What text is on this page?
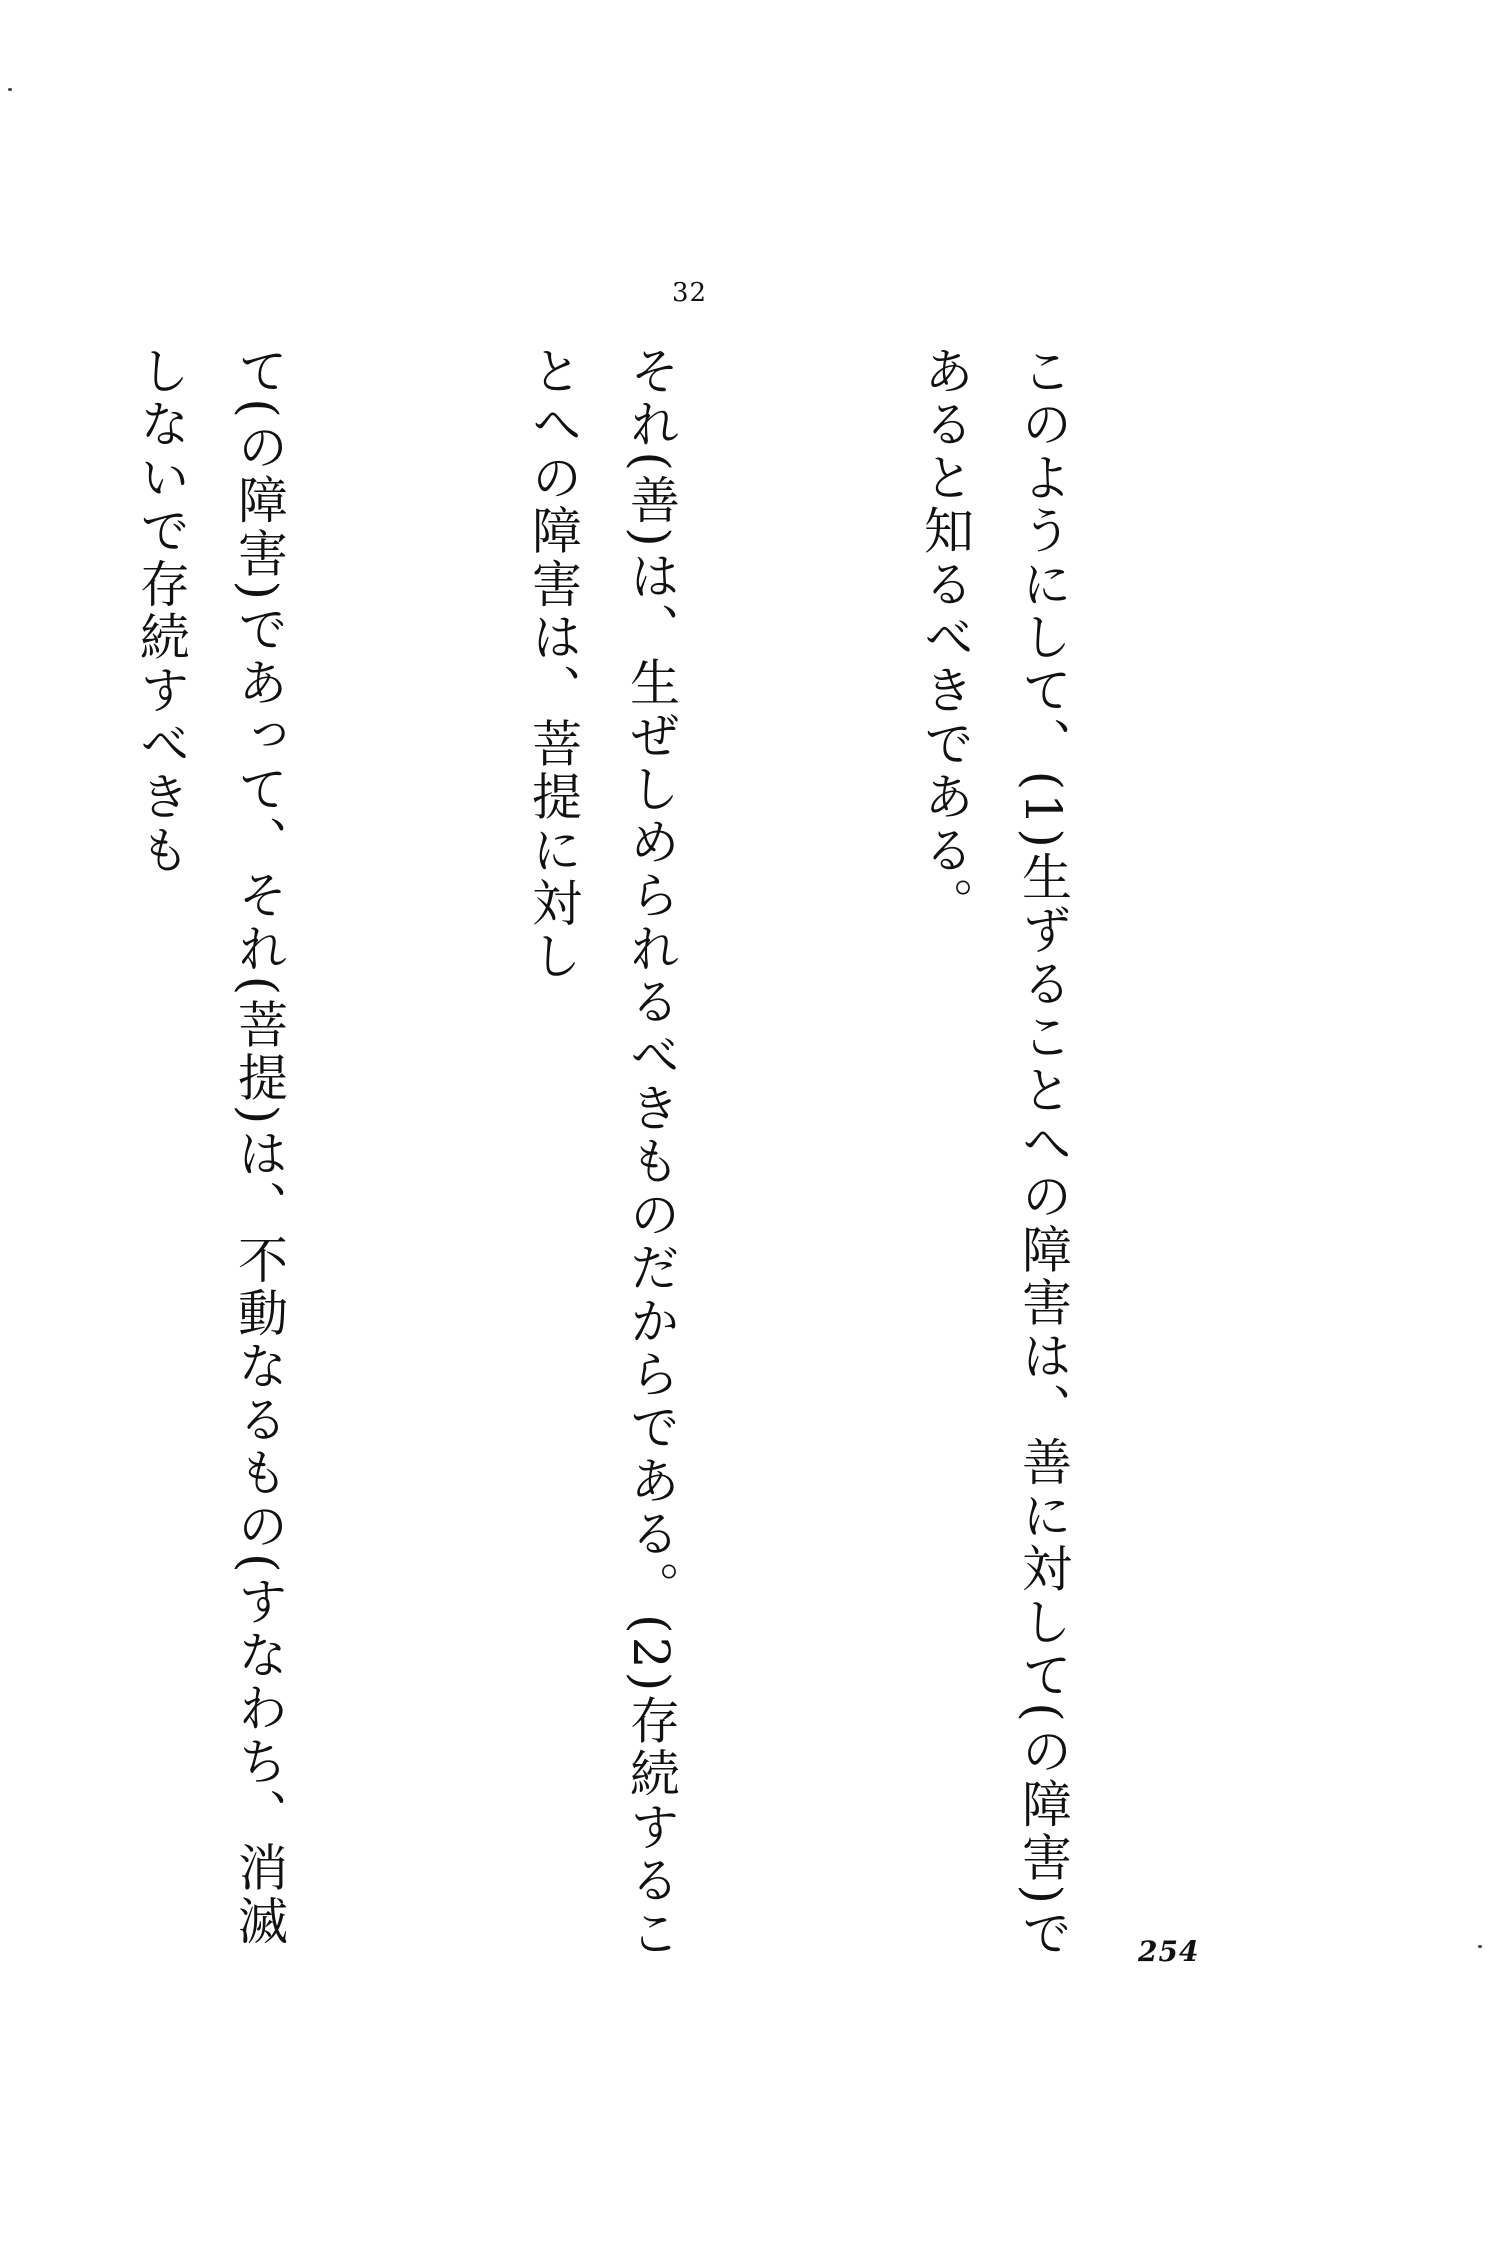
32

このようにして、(1)生ずることへの障害は、善に対して(の障害)であると知るべきである。

それ(善)は、生ぜしめられるべきものだからである。(2)存続することへの障害は、菩提に対し

て(の障害)であって、それ(菩提)は、不動なるもの(すなわち、消滅しないで存続すべきも

254
